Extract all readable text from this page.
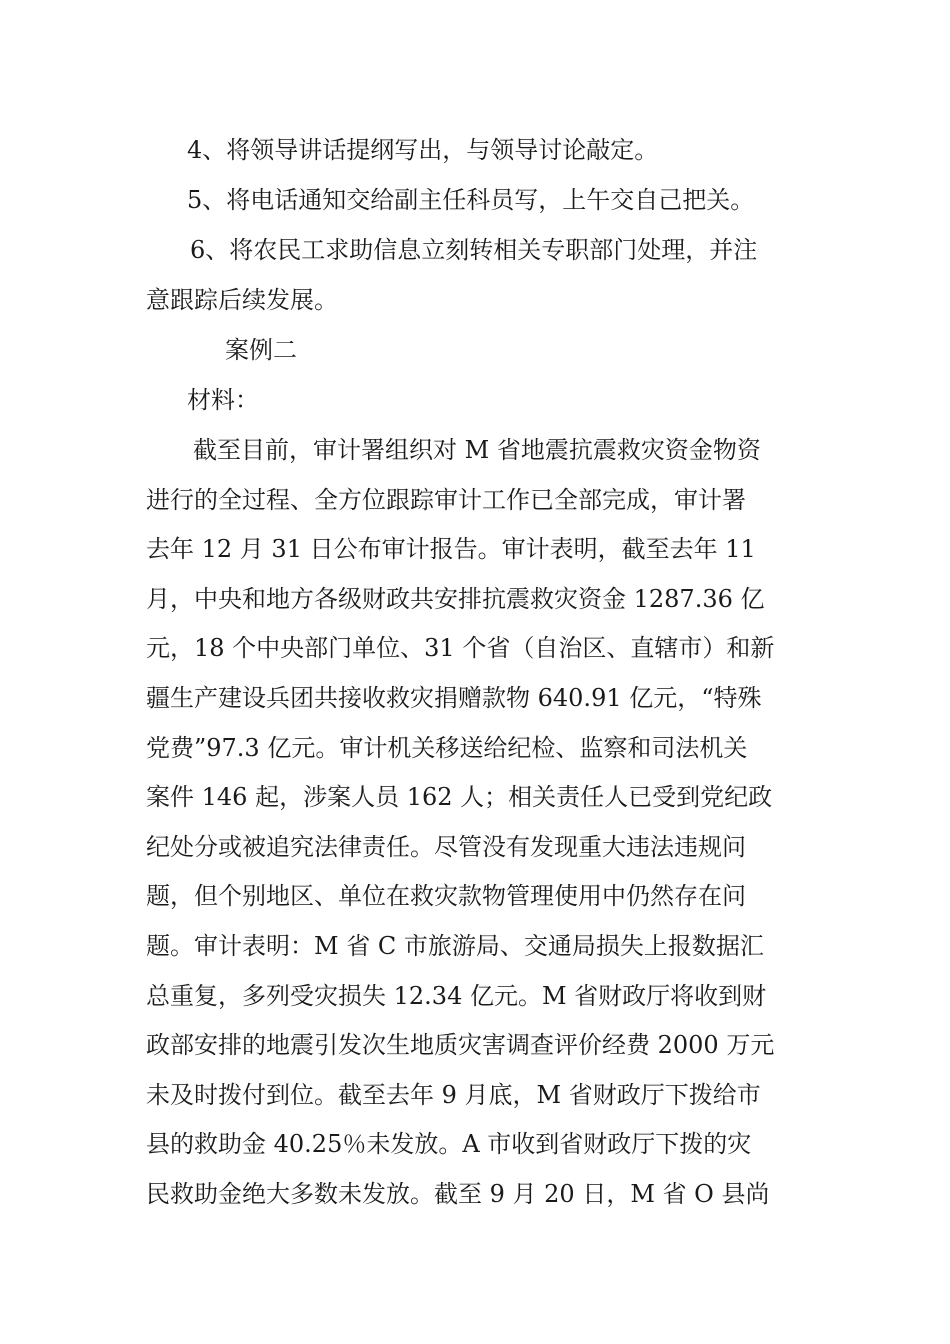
4、将领导讲话提纲写出，与领导讨论敲定。

5、将电话通知交给副主任科员写，上午交自己把关。

6、将农民工求助信息立刻转相关专职部门处理，并注
意跟踪后续发展。

案例二

材料：

截至目前，审计署组织对 M 省地震抗震救灾资金物资
进行的全过程、全方位跟踪审计工作已全部完成，审计署
去年 12 月 31 日公布审计报告。审计表明，截至去年 11
月，中央和地方各级财政共安排抗震救灾资金 1287.36 亿
元，18 个中央部门单位、31 个省（自治区、直辖市）和新
疆生产建设兵团共接收救灾捐赠款物 640.91 亿元，“特殊
党费”97.3 亿元。审计机关移送给纪检、监察和司法机关
案件 146 起，涉案人员 162 人；相关责任人已受到党纪政
纪处分或被追究法律责任。尽管没有发现重大违法违规问
题，但个别地区、单位在救灾款物管理使用中仍然存在问
题。审计表明：M 省 C 市旅游局、交通局损失上报数据汇
总重复，多列受灾损失 12.34 亿元。M 省财政厅将收到财
政部安排的地震引发次生地质灾害调查评价经费 2000 万元
未及时拨付到位。截至去年 9 月底，M 省财政厅下拨给市
县的救助金 40.25％未发放。A 市收到省财政厅下拨的灾
民救助金绝大多数未发放。截至 9 月 20 日，M 省 O 县尚
